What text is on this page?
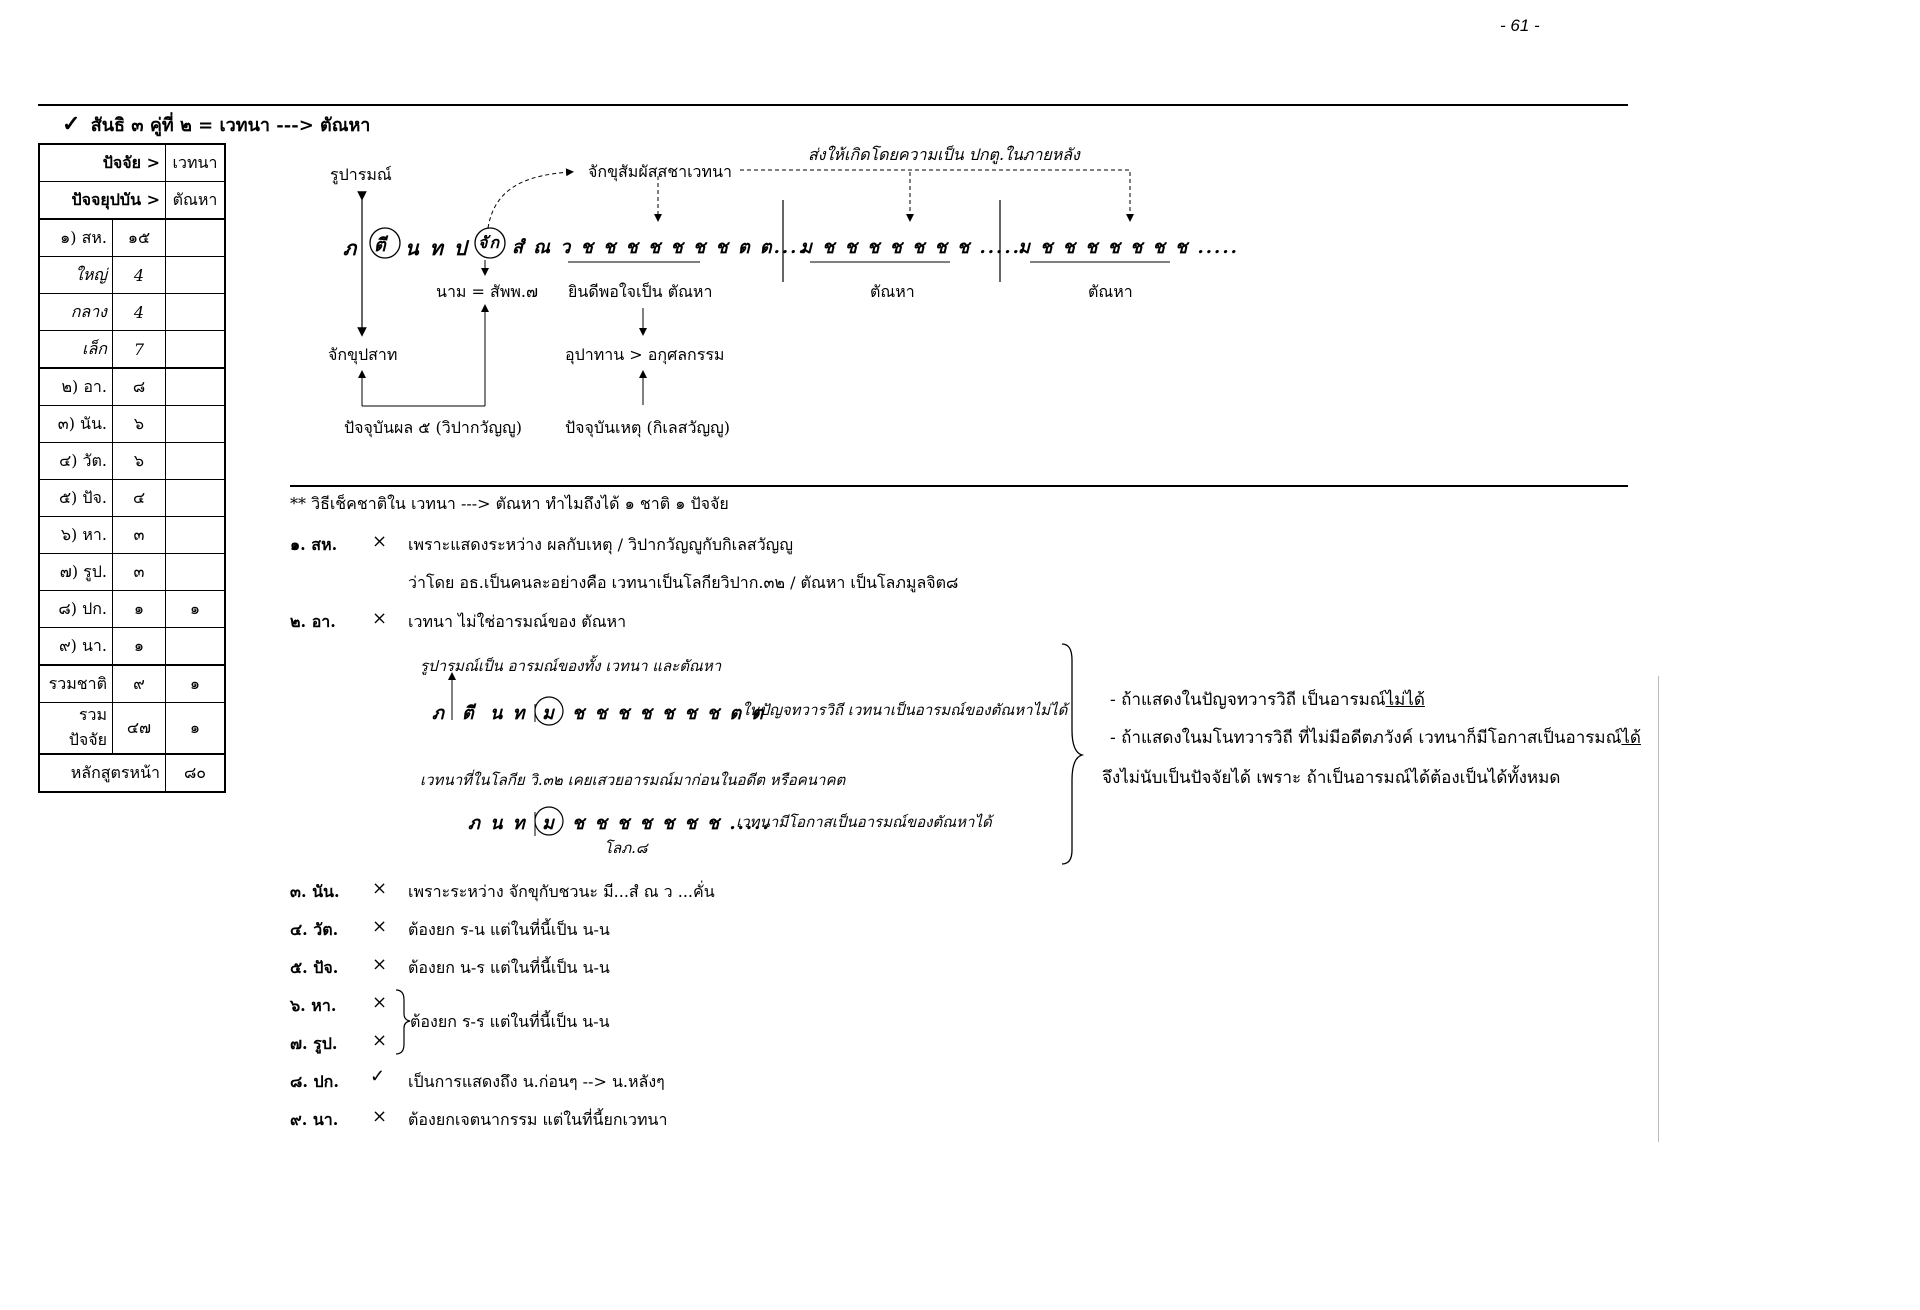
- 61 -
✓ สันธิ ๓ คู่ที่ ๒ = เวทนา ---> ตัณหา
ปัจจัย >		เวทนา
ปัจจยุปบัน >		ตัณหา
๑) สห.	๑๕	
ใหญ่	4	
กลาง	4	
เล็ก	7	
๒) อา.	๘	
๓) นัน.	๖	
๔) วัต.	๖	
๕) ปัจ.	๔	
๖) หา.	๓	
๗) รูป.	๓	
๘) ปก.	๑	๑
๙) นา.	๑	
รวมชาติ	๙	๑
รวมปัจจัย	๔๗	๑
หลักสูตรหน้า		๘๐
รูปารมณ์	จักขุสัมผัสสชาเวทนา
ส่งให้เกิดโดยความเป็น ปกตู.ในภายหลัง
ภ ตี น ท ป จัก สํ ณ ว ช ช ช ช ช ช ช ต ต....
ม ช ช ช ช ช ช ช .....
ม ช ช ช ช ช ช ช .....
นาม = สัพพ.๗ ยินดีพอใจเป็น ตัณหา	ตัณหา	ตัณหา
จักขุปสาท	อุปาทาน > อกุศลกรรม
ปัจจุบันผล ๕ (วิปากวัญญู)	ปัจจุบันเหตุ (กิเลสวัญญู)
** วิธีเช็คชาติใน เวทนา ---> ตัณหา ทำไมถึงได้ ๑ ชาติ ๑ ปัจจัย
๑. สห. × เพราะแสดงระหว่าง ผลกับเหตุ / วิปากวัญญูกับกิเลสวัญญู
ว่าโดย อธ.เป็นคนละอย่างคือ เวทนาเป็นโลกียวิปาก.๓๒ / ตัณหา เป็นโลภมูลจิต๘
๒. อา. × เวทนา ไม่ใช่อารมณ์ของ ตัณหา
รูปารมณ์เป็น อารมณ์ของทั้ง เวทนา และตัณหา
ภ ตี น ท ม ช ช ช ช ช ช ช ต ต
ในปัญจทวารวิถี เวทนาเป็นอารมณ์ของตัณหาไม่ได้
เวทนาที่ในโลกีย วิ.๓๒ เคยเสวยอารมณ์มาก่อนในอดีต หรือคนาคต
ภ น ท ม ช ช ช ช ช ช ช .....
เวทนามีโอกาสเป็นอารมณ์ของตัณหาได้
โลภ.๘
- ถ้าแสดงในปัญจทวารวิถี เป็นอารมณ์ไม่ได้
- ถ้าแสดงในมโนทวารวิถี ที่ไม่มีอดีตภวังค์ เวทนาก็มีโอกาสเป็นอารมณ์ได้
จึงไม่นับเป็นปัจจัยได้ เพราะ ถ้าเป็นอารมณ์ได้ต้องเป็นได้ทั้งหมด
๓. นัน. × เพราะระหว่าง จักขุกับชวนะ มี...สํ ณ ว ...คั่น
๔. วัต. × ต้องยก ร-น แต่ในที่นี้เป็น น-น
๕. ปัจ. × ต้องยก น-ร แต่ในที่นี้เป็น น-น
๖. หา. ×
๗. รูป. ×
ต้องยก ร-ร แต่ในที่นี้เป็น น-น
๘. ปก. ✓ เป็นการแสดงถึง น.ก่อนๆ --> น.หลังๆ
๙. นา. × ต้องยกเจตนากรรม แต่ในที่นี้ยกเวทนา
